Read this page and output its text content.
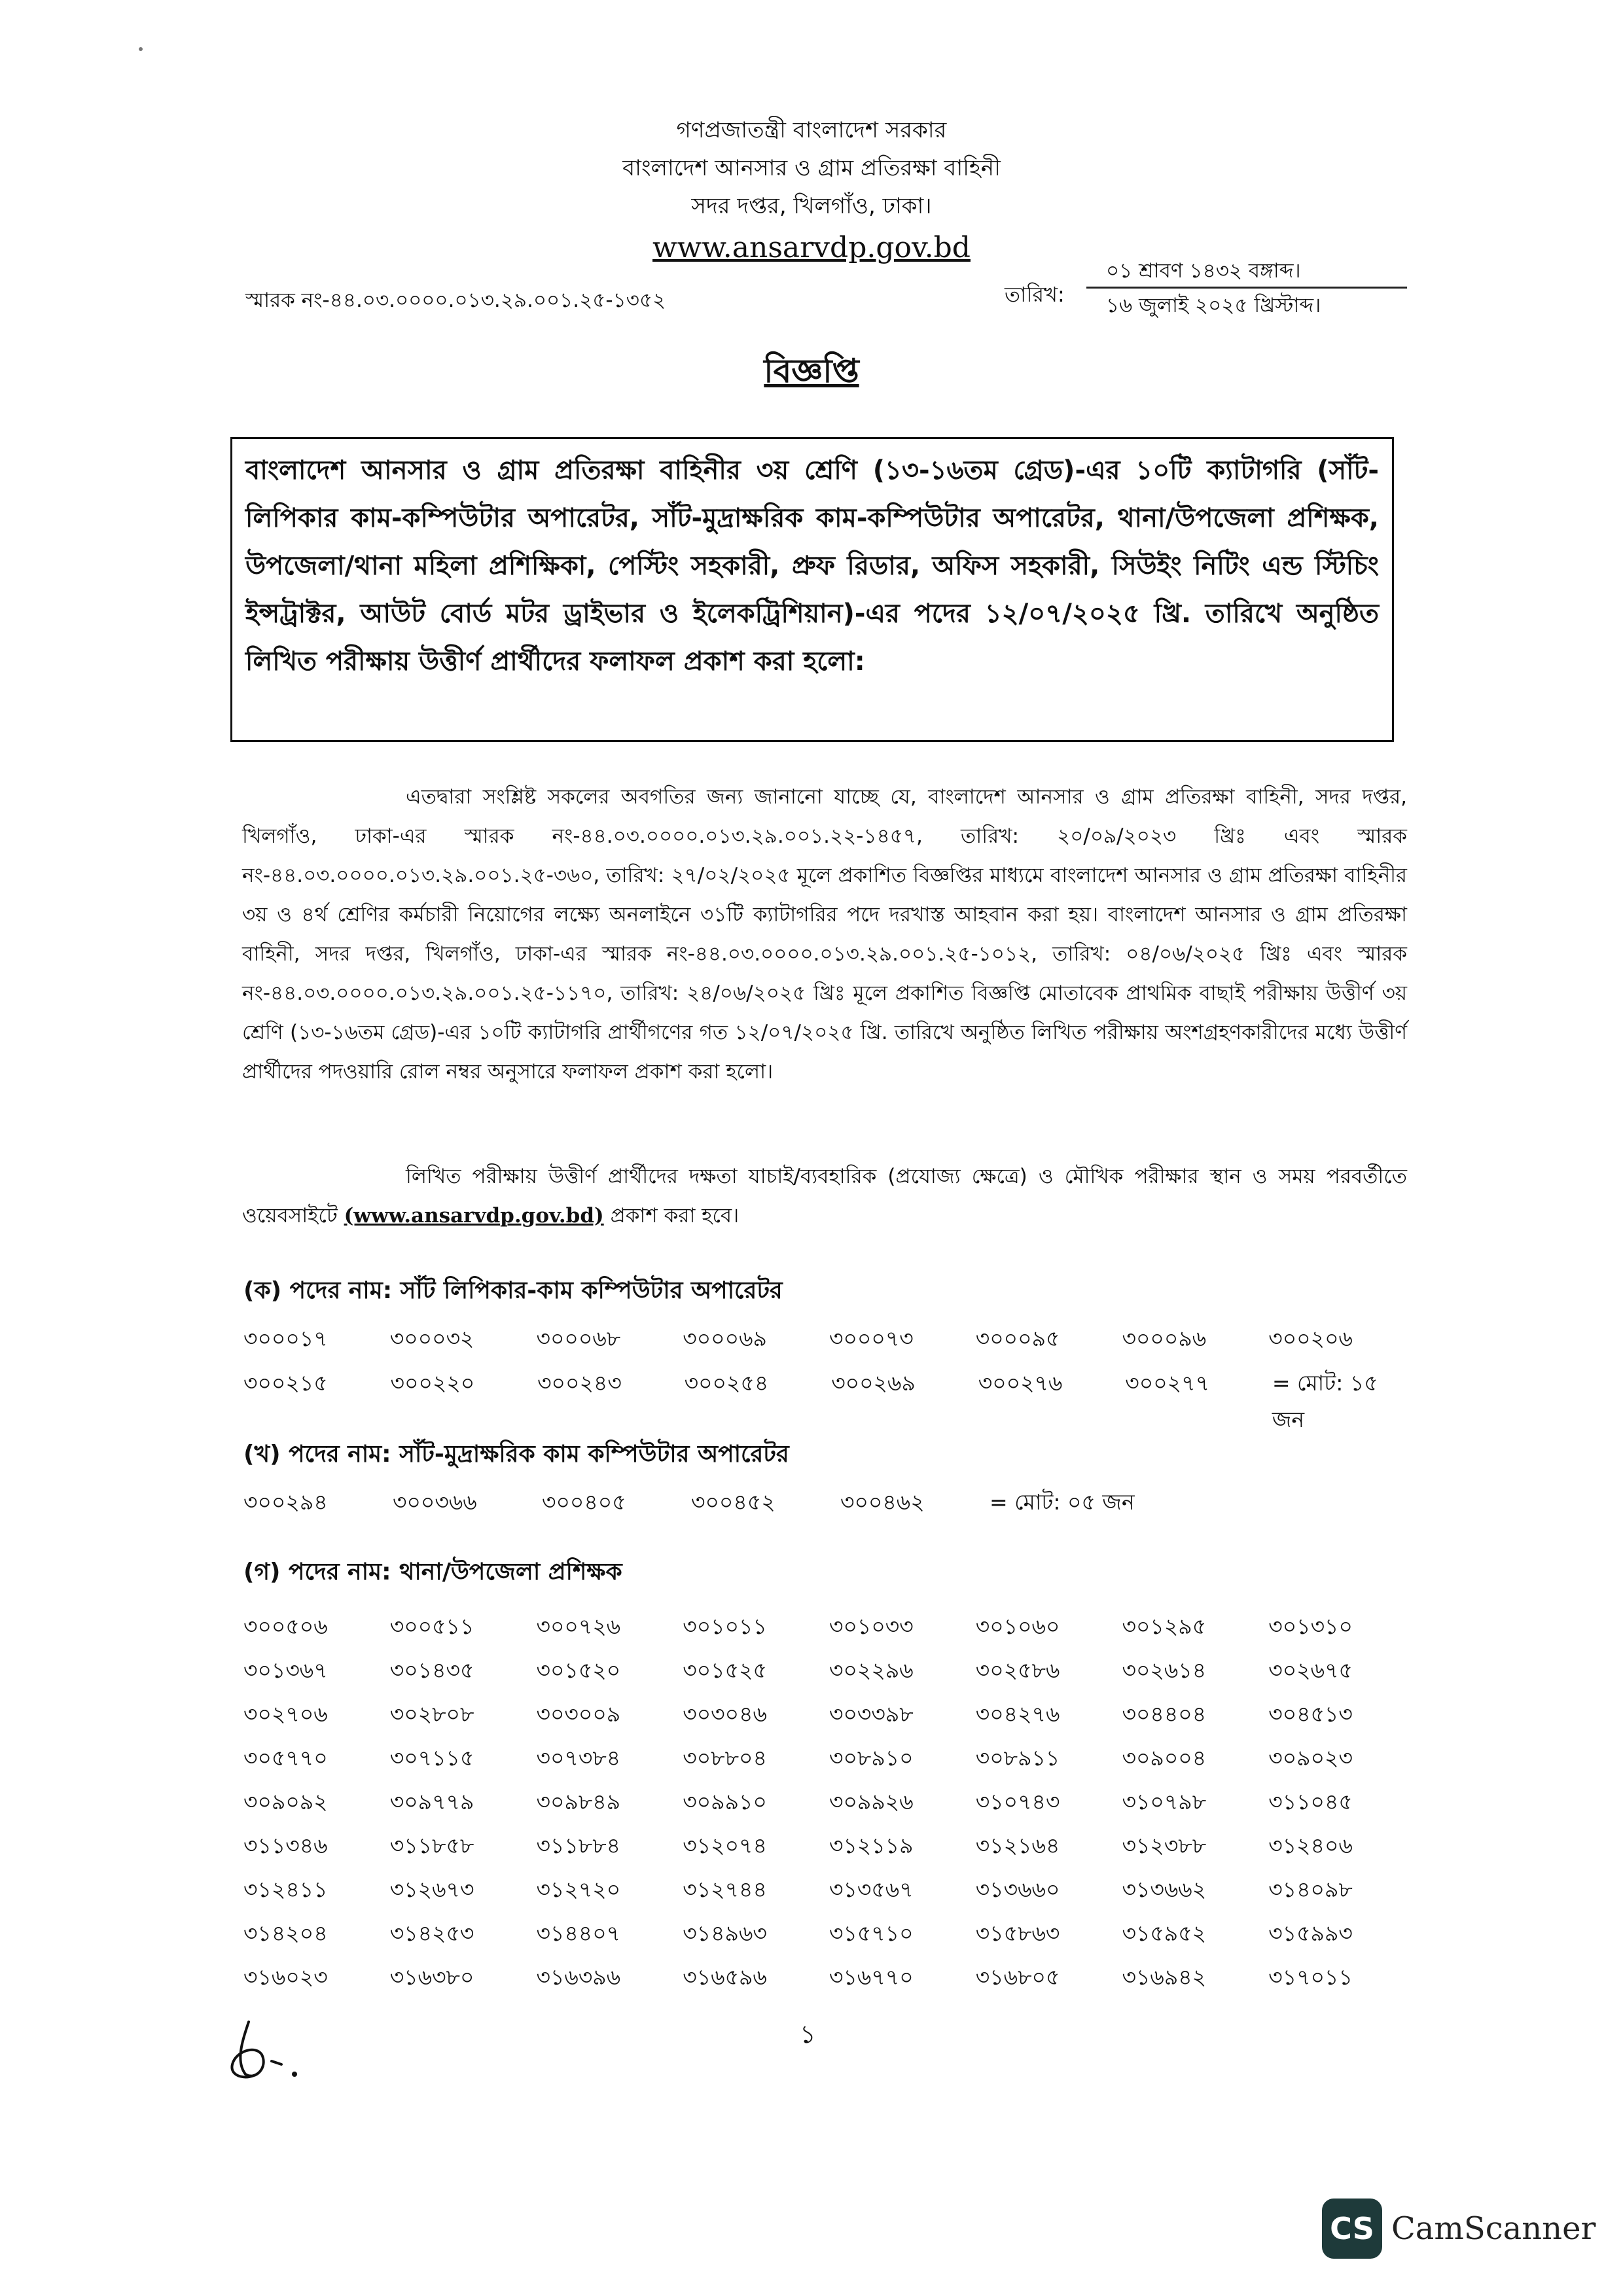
গণপ্রজাতন্ত্রী বাংলাদেশ সরকার
বাংলাদেশ আনসার ও গ্রাম প্রতিরক্ষা বাহিনী
সদর দপ্তর, খিলগাঁও, ঢাকা।
www.ansarvdp.gov.bd
স্মারক নং-৪৪.০৩.০০০০.০১৩.২৯.০০১.২৫-১৩৫২	তারিখ:
০১ শ্রাবণ ১৪৩২ বঙ্গাব্দ।
১৬ জুলাই ২০২৫ খ্রিস্টাব্দ।
বিজ্ঞপ্তি
বাংলাদেশ আনসার ও গ্রাম প্রতিরক্ষা বাহিনীর ৩য় শ্রেণি (১৩-১৬তম গ্রেড)-এর ১০টি ক্যাটাগরি (সাঁট-লিপিকার কাম-কম্পিউটার অপারেটর, সাঁট-মুদ্রাক্ষরিক কাম-কম্পিউটার অপারেটর, থানা/উপজেলা প্রশিক্ষক, উপজেলা/থানা মহিলা প্রশিক্ষিকা, পেস্টিং সহকারী, প্রুফ রিডার, অফিস সহকারী, সিউইং নিটিং এন্ড স্টিচিং ইন্সট্রাক্টর, আউট বোর্ড মটর ড্রাইভার ও ইলেকট্রিশিয়ান)-এর পদের ১২/০৭/২০২৫ খ্রি. তারিখে অনুষ্ঠিত লিখিত পরীক্ষায় উত্তীর্ণ প্রার্থীদের ফলাফল প্রকাশ করা হলো:
এতদ্বারা সংশ্লিষ্ট সকলের অবগতির জন্য জানানো যাচ্ছে যে, বাংলাদেশ আনসার ও গ্রাম প্রতিরক্ষা বাহিনী, সদর দপ্তর, খিলগাঁও, ঢাকা-এর স্মারক নং-৪৪.০৩.০০০০.০১৩.২৯.০০১.২২-১৪৫৭, তারিখ: ২০/০৯/২০২৩ খ্রিঃ এবং স্মারক নং-৪৪.০৩.০০০০.০১৩.২৯.০০১.২৫-৩৬০, তারিখ: ২৭/০২/২০২৫ মূলে প্রকাশিত বিজ্ঞপ্তির মাধ্যমে বাংলাদেশ আনসার ও গ্রাম প্রতিরক্ষা বাহিনীর ৩য় ও ৪র্থ শ্রেণির কর্মচারী নিয়োগের লক্ষ্যে অনলাইনে ৩১টি ক্যাটাগরির পদে দরখাস্ত আহবান করা হয়। বাংলাদেশ আনসার ও গ্রাম প্রতিরক্ষা বাহিনী, সদর দপ্তর, খিলগাঁও, ঢাকা-এর স্মারক নং-৪৪.০৩.০০০০.০১৩.২৯.০০১.২৫-১০১২, তারিখ: ০৪/০৬/২০২৫ খ্রিঃ এবং স্মারক নং-৪৪.০৩.০০০০.০১৩.২৯.০০১.২৫-১১৭০, তারিখ: ২৪/০৬/২০২৫ খ্রিঃ মূলে প্রকাশিত বিজ্ঞপ্তি মোতাবেক প্রাথমিক বাছাই পরীক্ষায় উত্তীর্ণ ৩য় শ্রেণি (১৩-১৬তম গ্রেড)-এর ১০টি ক্যাটাগরি প্রার্থীগণের গত ১২/০৭/২০২৫ খ্রি. তারিখে অনুষ্ঠিত লিখিত পরীক্ষায় অংশগ্রহণকারীদের মধ্যে উত্তীর্ণ প্রার্থীদের পদওয়ারি রোল নম্বর অনুসারে ফলাফল প্রকাশ করা হলো।
লিখিত পরীক্ষায় উত্তীর্ণ প্রার্থীদের দক্ষতা যাচাই/ব্যবহারিক (প্রযোজ্য ক্ষেত্রে) ও মৌখিক পরীক্ষার স্থান ও সময় পরবর্তীতে ওয়েবসাইটে (www.ansarvdp.gov.bd) প্রকাশ করা হবে।
(ক) পদের নাম: সাঁট লিপিকার-কাম কম্পিউটার অপারেটর
৩০০০১৭	৩০০০৩২	৩০০০৬৮	৩০০০৬৯	৩০০০৭৩	৩০০০৯৫	৩০০০৯৬	৩০০২০৬
৩০০২১৫	৩০০২২০	৩০০২৪৩	৩০০২৫৪	৩০০২৬৯	৩০০২৭৬	৩০০২৭৭	= মোট: ১৫ জন
(খ) পদের নাম: সাঁট-মুদ্রাক্ষরিক কাম কম্পিউটার অপারেটর
৩০০২৯৪	৩০০৩৬৬	৩০০৪০৫	৩০০৪৫২	৩০০৪৬২	= মোট: ০৫ জন
(গ) পদের নাম: থানা/উপজেলা প্রশিক্ষক
৩০০৫০৬	৩০০৫১১	৩০০৭২৬	৩০১০১১	৩০১০৩৩	৩০১০৬০	৩০১২৯৫	৩০১৩১০
৩০১৩৬৭	৩০১৪৩৫	৩০১৫২০	৩০১৫২৫	৩০২২৯৬	৩০২৫৮৬	৩০২৬১৪	৩০২৬৭৫
৩০২৭০৬	৩০২৮০৮	৩০৩০০৯	৩০৩০৪৬	৩০৩৩৯৮	৩০৪২৭৬	৩০৪৪০৪	৩০৪৫১৩
৩০৫৭৭০	৩০৭১১৫	৩০৭৩৮৪	৩০৮৮০৪	৩০৮৯১০	৩০৮৯১১	৩০৯০০৪	৩০৯০২৩
৩০৯০৯২	৩০৯৭৭৯	৩০৯৮৪৯	৩০৯৯১০	৩০৯৯২৬	৩১০৭৪৩	৩১০৭৯৮	৩১১০৪৫
৩১১৩৪৬	৩১১৮৫৮	৩১১৮৮৪	৩১২০৭৪	৩১২১১৯	৩১২১৬৪	৩১২৩৮৮	৩১২৪০৬
৩১২৪১১	৩১২৬৭৩	৩১২৭২০	৩১২৭৪৪	৩১৩৫৬৭	৩১৩৬৬০	৩১৩৬৬২	৩১৪০৯৮
৩১৪২০৪	৩১৪২৫৩	৩১৪৪০৭	৩১৪৯৬৩	৩১৫৭১০	৩১৫৮৬৩	৩১৫৯৫২	৩১৫৯৯৩
৩১৬০২৩	৩১৬৩৮০	৩১৬৩৯৬	৩১৬৫৯৬	৩১৬৭৭০	৩১৬৮০৫	৩১৬৯৪২	৩১৭০১১
১
CS CamScanner
